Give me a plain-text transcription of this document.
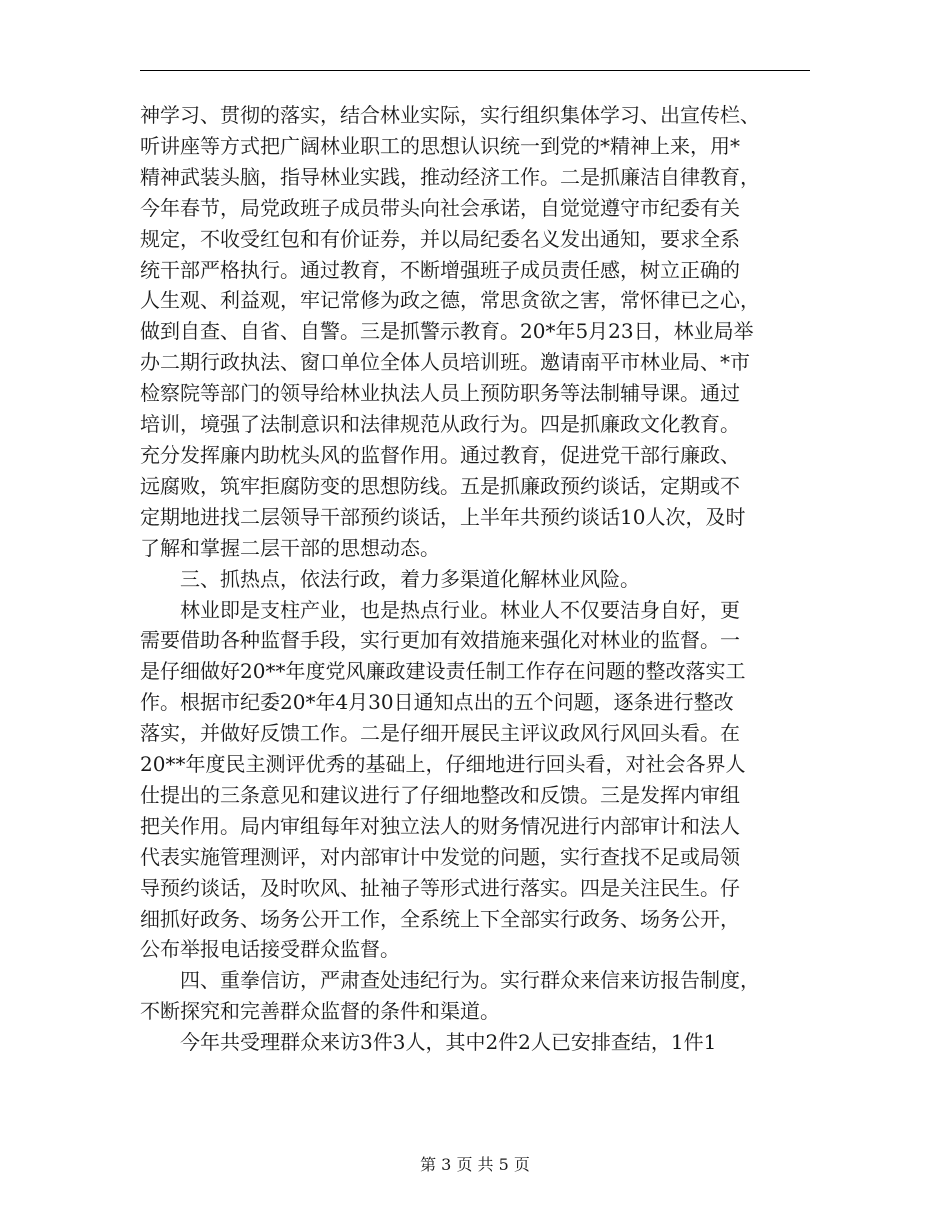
神学习、贯彻的落实，结合林业实际，实行组织集体学习、出宣传栏、
听讲座等方式把广阔林业职工的思想认识统一到党的*精神上来，用*
精神武装头脑，指导林业实践，推动经济工作。二是抓廉洁自律教育，
今年春节，局党政班子成员带头向社会承诺，自觉觉遵守市纪委有关
规定，不收受红包和有价证券，并以局纪委名义发出通知，要求全系
统干部严格执行。通过教育，不断增强班子成员责任感，树立正确的
人生观、利益观，牢记常修为政之德，常思贪欲之害，常怀律已之心，
做到自查、自省、自警。三是抓警示教育。20*年5月23日，林业局举
办二期行政执法、窗口单位全体人员培训班。邀请南平市林业局、*市
检察院等部门的领导给林业执法人员上预防职务等法制辅导课。通过
培训，境强了法制意识和法律规范从政行为。四是抓廉政文化教育。
充分发挥廉内助枕头风的监督作用。通过教育，促进党干部行廉政、
远腐败，筑牢拒腐防变的思想防线。五是抓廉政预约谈话，定期或不
定期地进找二层领导干部预约谈话，上半年共预约谈话10人次，及时
了解和掌握二层干部的思想动态。
　　三、抓热点，依法行政，着力多渠道化解林业风险。
　　林业即是支柱产业，也是热点行业。林业人不仅要洁身自好，更
需要借助各种监督手段，实行更加有效措施来强化对林业的监督。一
是仔细做好20**年度党风廉政建设责任制工作存在问题的整改落实工
作。根据市纪委20*年4月30日通知点出的五个问题，逐条进行整改
落实，并做好反馈工作。二是仔细开展民主评议政风行风回头看。在
20**年度民主测评优秀的基础上，仔细地进行回头看，对社会各界人
仕提出的三条意见和建议进行了仔细地整改和反馈。三是发挥内审组
把关作用。局内审组每年对独立法人的财务情况进行内部审计和法人
代表实施管理测评，对内部审计中发觉的问题，实行查找不足或局领
导预约谈话，及时吹风、扯袖子等形式进行落实。四是关注民生。仔
细抓好政务、场务公开工作，全系统上下全部实行政务、场务公开，
公布举报电话接受群众监督。
　　四、重拳信访，严肃查处违纪行为。实行群众来信来访报告制度，
不断探究和完善群众监督的条件和渠道。
　　今年共受理群众来访3件3人，其中2件2人已安排查结，1件1
第 3 页 共 5 页
